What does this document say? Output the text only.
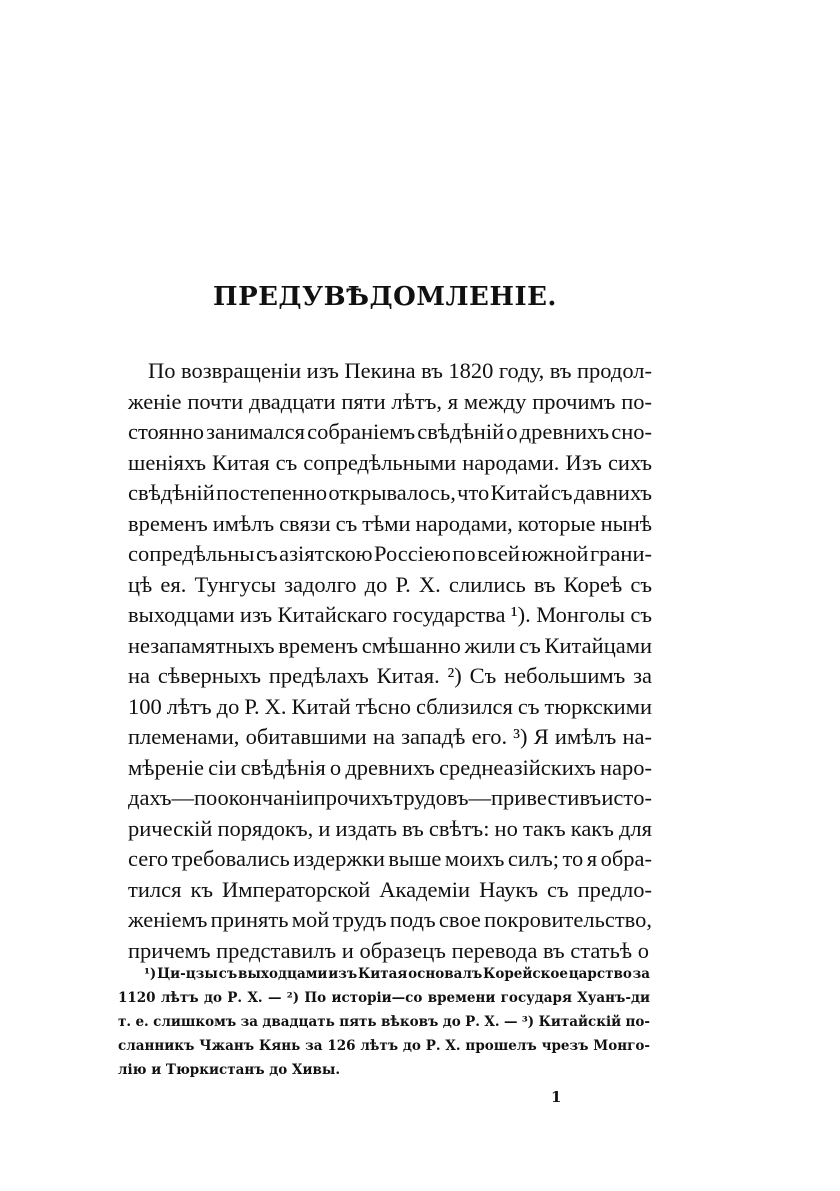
ПРЕДУВѢДОМЛЕНІЕ.
По возвращеніи изъ Пекина въ 1820 году, въ продол-
женіе почти двадцати пяти лѣтъ, я между прочимъ по-
стоянно занимался собраніемъ свѣдѣній о древнихъ сно-
шеніяхъ Китая съ сопредѣльными народами. Изъ сихъ
свѣдѣній постепенно открывалось, что Китай съ давнихъ
временъ имѣлъ связи съ тѣми народами, которые нынѣ
сопредѣльны съ азіятскою Россіею по всей южной грани-
цѣ ея. Тунгусы задолго до Р. Х. слились въ Кореѣ съ
выходцами изъ Китайскаго государства ¹). Монголы съ
незапамятныхъ временъ смѣшанно жили съ Китайцами
на сѣверныхъ предѣлахъ Китая. ²) Съ небольшимъ за
100 лѣтъ до Р. Х. Китай тѣсно сблизился съ тюркскими
племенами, обитавшими на западѣ его. ³) Я имѣлъ на-
мѣреніе сіи свѣдѣнія о древнихъ среднеазійскихъ наро-
дахъ—по окончаніи прочихъ трудовъ—привести въ истo-
рическій порядокъ, и издать въ свѣтъ: но такъ какъ для
сего требовались издержки выше моихъ силъ; то я обра-
тился къ Императорской Академіи Наукъ съ предло-
женіемъ принять мой трудъ подъ свое покровительство,
причемъ представилъ и образецъ перевода въ статьѣ о
¹) Ци-цзы съ выходцами изъ Китая основалъ Корейское царство за
1120 лѣтъ до Р. Х. — ²) По исторіи—со времени государя Хуанъ-ди
т. е. слишкомъ за двадцать пять вѣковъ до Р. Х. — ³) Китайскій по-
сланникъ Чжанъ Кянь за 126 лѣтъ до Р. Х. прошелъ чрезъ Монго-
лію и Тюркистанъ до Хивы.
1
